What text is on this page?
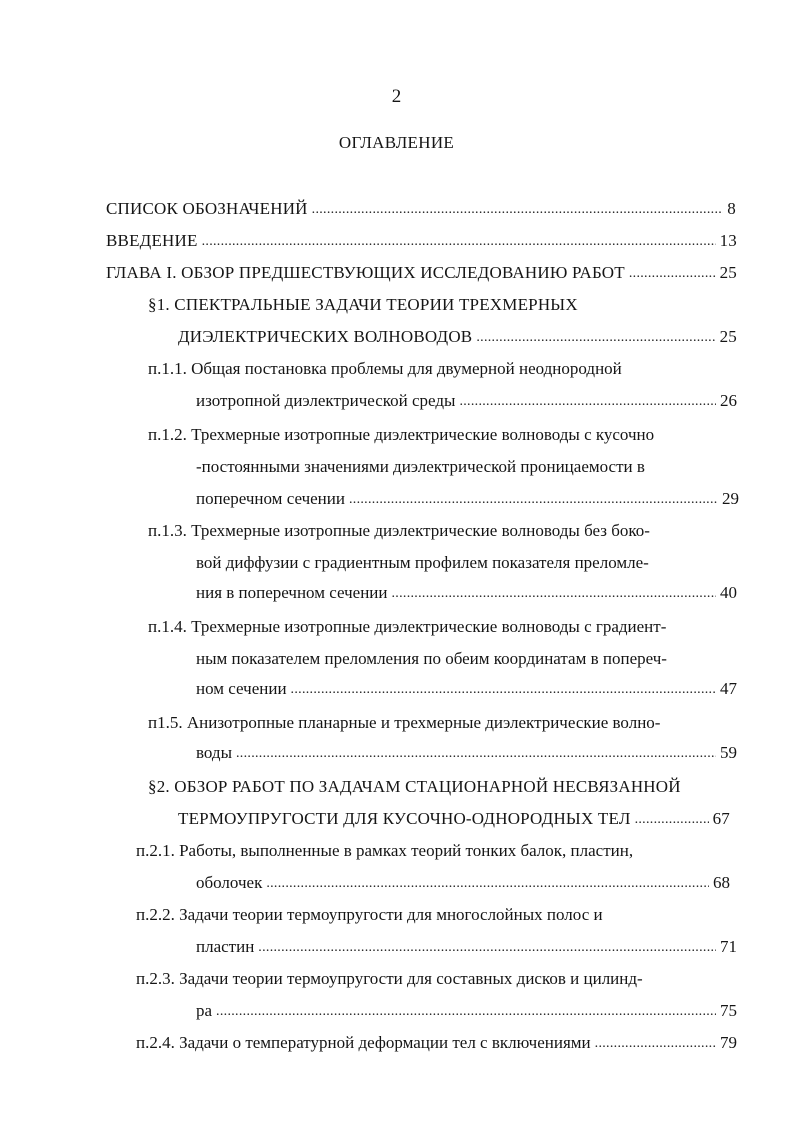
2
ОГЛАВЛЕНИЕ
СПИСОК ОБОЗНАЧЕНИЙ . . .	8
ВВЕДЕНИЕ . . .	13
ГЛАВА I. ОБЗОР ПРЕДШЕСТВУЮЩИХ ИССЛЕДОВАНИЮ РАБОТ . . .	25
§1. СПЕКТРАЛЬНЫЕ ЗАДАЧИ ТЕОРИИ ТРЕХМЕРНЫХ
ДИЭЛЕКТРИЧЕСКИХ ВОЛНОВОДОВ . . .	25
п.1.1. Общая постановка проблемы для двумерной неоднородной
изотропной диэлектрической среды . . .	26
п.1.2. Трехмерные изотропные диэлектрические волноводы с кусочно
-постоянными значениями диэлектрической проницаемости в
поперечном сечении . . .	29
п.1.3. Трехмерные изотропные диэлектрические волноводы без боко-
вой диффузии с градиентным профилем показателя преломле-
ния в поперечном сечении . . .	40
п.1.4. Трехмерные изотропные диэлектрические волноводы с градиент-
ным показателем преломления по обеим координатам в попереч-
ном сечении . . .	47
п1.5. Анизотропные планарные и трехмерные диэлектрические волно-
воды . . .	59
§2. ОБЗОР РАБОТ ПО ЗАДАЧАМ СТАЦИОНАРНОЙ НЕСВЯЗАННОЙ
ТЕРМОУПРУГОСТИ ДЛЯ КУСОЧНО-ОДНОРОДНЫХ ТЕЛ . . .	67
п.2.1. Работы, выполненные в рамках теорий тонких балок, пластин,
оболочек . . .	68
п.2.2. Задачи теории термоупругости для многослойных полос и
пластин . . .	71
п.2.3. Задачи теории термоупругости для составных дисков и цилинд-
ра . . .	75
п.2.4. Задачи о температурной деформации тел с включениями . . .	79
